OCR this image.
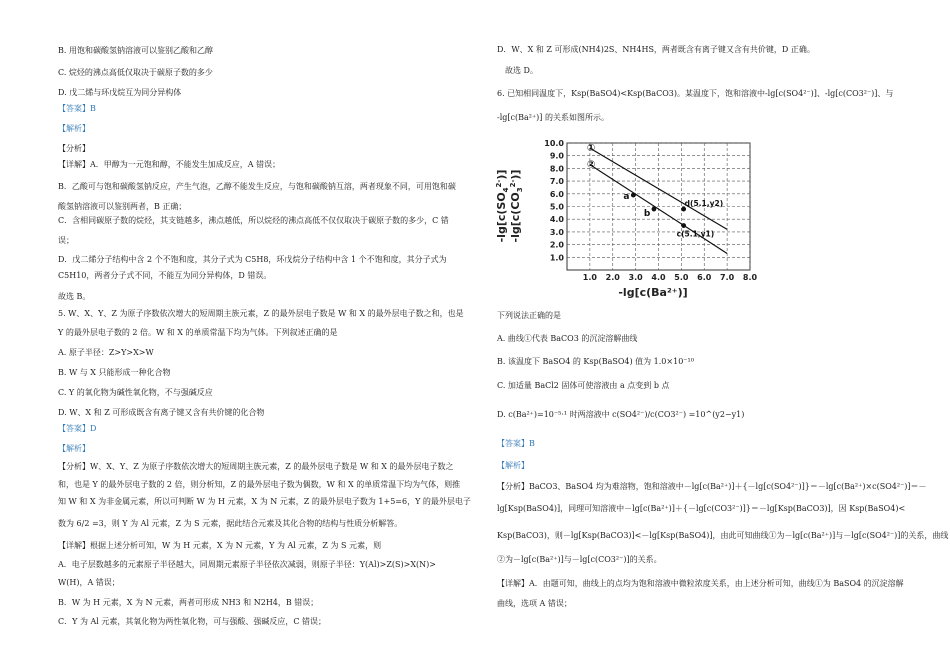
B. 用饱和碳酸氢钠溶液可以鉴别乙酸和乙醇
C. 烷烃的沸点高低仅取决于碳原子数的多少
D. 戊二烯与环戊烷互为同分异构体
【答案】B
【解析】
【分析】
【详解】A．甲醇为一元饱和醇，不能发生加成反应，A 错误；
B．乙酸可与饱和碳酸氢钠反应，产生气泡，乙醇不能发生反应，与饱和碳酸钠互溶，两者现象不同，可用饱和碳
酸氢钠溶液可以鉴别两者，B 正确；
C．含相同碳原子数的烷烃，其支链越多，沸点越低，所以烷烃的沸点高低不仅仅取决于碳原子数的多少，C 错
误；
D．戊二烯分子结构中含 2 个不饱和度，其分子式为 C5H8，环戊烷分子结构中含 1 个不饱和度，其分子式为
C5H10，两者分子式不同，不能互为同分异构体，D 错误。
故选 B。
5. W、X、Y、Z 为原子序数依次增大的短周期主族元素，Z 的最外层电子数是 W 和 X 的最外层电子数之和，也是
Y 的最外层电子数的 2 倍。W 和 X 的单质常温下均为气体。下列叙述正确的是
A. 原子半径：Z>Y>X>W
B. W 与 X 只能形成一种化合物
C. Y 的氧化物为碱性氧化物，不与强碱反应
D. W、X 和 Z 可形成既含有离子键又含有共价键的化合物
【答案】D
【解析】
【分析】W、X、Y、Z 为原子序数依次增大的短周期主族元素，Z 的最外层电子数是 W 和 X 的最外层电子数之
和，也是 Y 的最外层电子数的 2 倍，则分析知，Z 的最外层电子数为偶数，W 和 X 的单质常温下均为气体，则推
知 W 和 X 为非金属元素，所以可判断 W 为 H 元素，X 为 N 元素，Z 的最外层电子数为 1+5=6，Y 的最外层电子
数为 6/2 =3，则 Y 为 Al 元素，Z 为 S 元素，据此结合元素及其化合物的结构与性质分析解答。
【详解】根据上述分析可知，W 为 H 元素，X 为 N 元素，Y 为 Al 元素，Z 为 S 元素，则
A．电子层数越多的元素原子半径越大，同周期元素原子半径依次减弱，则原子半径：Y(Al)>Z(S)>X(N)>
W(H)，A 错误；
B．W 为 H 元素，X 为 N 元素，两者可形成 NH3 和 N2H4，B 错误；
C．Y 为 Al 元素，其氧化物为两性氧化物，可与强酸、强碱反应，C 错误；
D．W、X 和 Z 可形成(NH4)2S、NH4HS，两者既含有离子键又含有共价键，D 正确。
故选 D。
6. 已知相同温度下，Ksp(BaSO4)<Ksp(BaCO3)。某温度下，饱和溶液中-lg[c(SO4²⁻)]、-lg[c(CO3²⁻)]、与
-lg[c(Ba²⁺)] 的关系如图所示。
下列说法正确的是
A. 曲线①代表 BaCO3 的沉淀溶解曲线
B. 该温度下 BaSO4 的 Ksp(BaSO4) 值为 1.0×10⁻¹⁰
C. 加适量 BaCl2 固体可使溶液由 a 点变到 b 点
D. c(Ba²⁺)=10⁻⁵·¹ 时两溶液中 c(SO4²⁻)/c(CO3²⁻) =10^(y2−y1)
【答案】B
【解析】
【分析】BaCO3、BaSO4 均为难溶物，饱和溶液中－lg[c(Ba²⁺)]＋{－lg[c(SO4²⁻)]}＝－lg[c(Ba²⁺)×c(SO4²⁻)]＝－
lg[Ksp(BaSO4)]，同理可知溶液中－lg[c(Ba²⁺)]＋{－lg[c(CO3²⁻)]}＝－lg[Ksp(BaCO3)]，因 Ksp(BaSO4)<
Ksp(BaCO3)，则－lg[Ksp(BaCO3)]<－lg[Ksp(BaSO4)]，由此可知曲线①为－lg[c(Ba²⁺)]与－lg[c(SO4²⁻)]的关系，曲线
②为－lg[c(Ba²⁺)]与－lg[c(CO3²⁻)]的关系。
【详解】A．由题可知，曲线上的点均为饱和溶液中微粒浓度关系，由上述分析可知，曲线①为 BaSO4 的沉淀溶解
曲线，选项 A 错误；
$-\lg[c(SO_4^{2-})]$
$-\lg[c(CO_3^{2-})]$
1.0 2.0 3.0 4.0 5.0 6.0 7.0 8.0
1.0
2.0
3.0
4.0
5.0
6.0
7.0
8.0
9.0
10.0 ①
②
a
b
d(5.1,y2)
c(5.1,y1)
-lg[c(Ba²⁺)]
